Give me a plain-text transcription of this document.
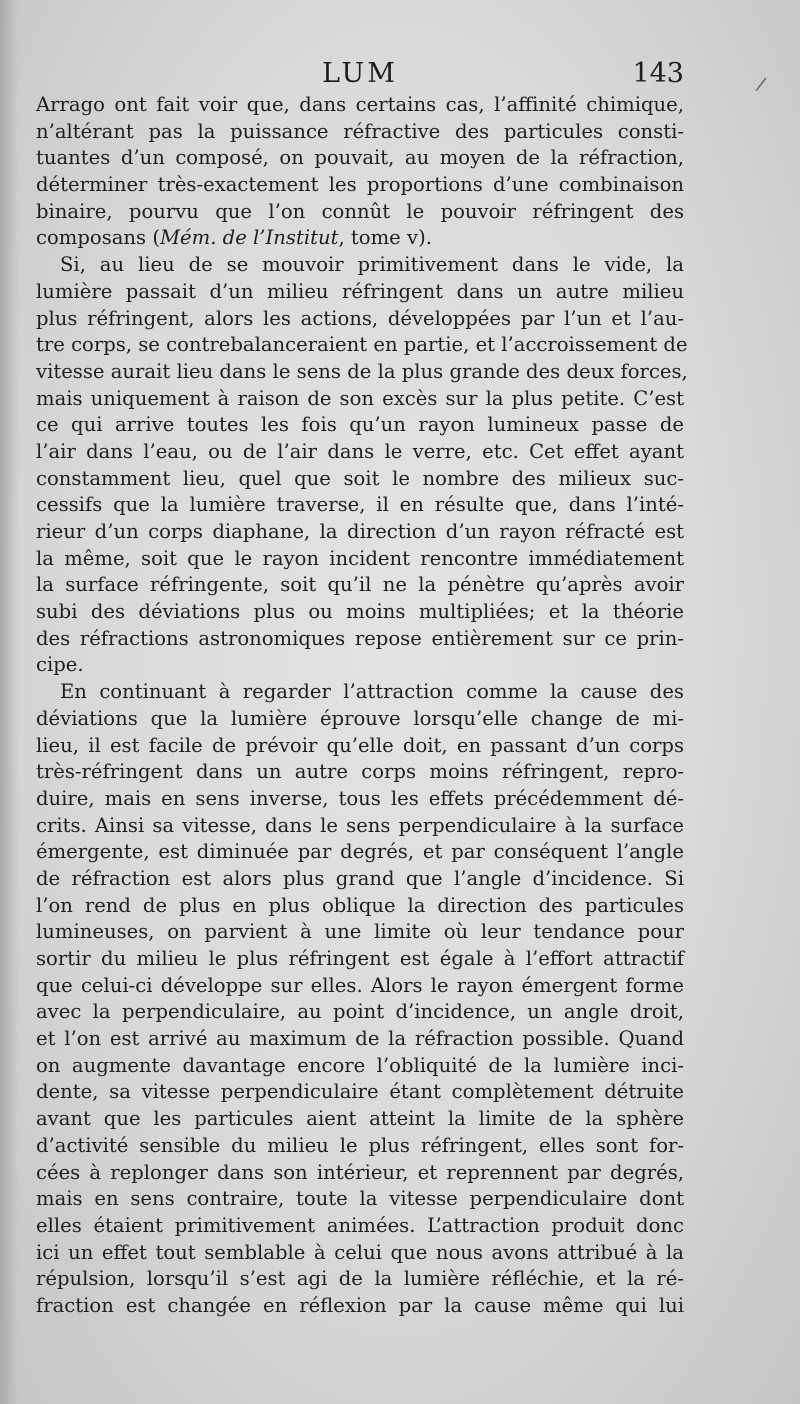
LUM	143	/
Arrago ont fait voir que, dans certains cas, l’affinité chimique,
n’altérant pas la puissance réfractive des particules consti-
tuantes d’un composé, on pouvait, au moyen de la réfraction,
déterminer très-exactement les proportions d’une combinaison
binaire, pourvu que l’on connût le pouvoir réfringent des
composans (Mém. de l’Institut, tome v).
Si, au lieu de se mouvoir primitivement dans le vide, la
lumière passait d’un milieu réfringent dans un autre milieu
plus réfringent, alors les actions, développées par l’un et l’au-
tre corps, se contrebalanceraient en partie, et l’accroissement de
vitesse aurait lieu dans le sens de la plus grande des deux forces,
mais uniquement à raison de son excès sur la plus petite. C’est
ce qui arrive toutes les fois qu’un rayon lumineux passe de
l’air dans l’eau, ou de l’air dans le verre, etc. Cet effet ayant
constamment lieu, quel que soit le nombre des milieux suc-
cessifs que la lumière traverse, il en résulte que, dans l’inté-
rieur d’un corps diaphane, la direction d’un rayon réfracté est
la même, soit que le rayon incident rencontre immédiatement
la surface réfringente, soit qu’il ne la pénètre qu’après avoir
subi des déviations plus ou moins multipliées; et la théorie
des réfractions astronomiques repose entièrement sur ce prin-
cipe.
En continuant à regarder l’attraction comme la cause des
déviations que la lumière éprouve lorsqu’elle change de mi-
lieu, il est facile de prévoir qu’elle doit, en passant d’un corps
très-réfringent dans un autre corps moins réfringent, repro-
duire, mais en sens inverse, tous les effets précédemment dé-
crits. Ainsi sa vitesse, dans le sens perpendiculaire à la surface
émergente, est diminuée par degrés, et par conséquent l’angle
de réfraction est alors plus grand que l’angle d’incidence. Si
l’on rend de plus en plus oblique la direction des particules
lumineuses, on parvient à une limite où leur tendance pour
sortir du milieu le plus réfringent est égale à l’effort attractif
que celui-ci développe sur elles. Alors le rayon émergent forme
avec la perpendiculaire, au point d’incidence, un angle droit,
et l’on est arrivé au maximum de la réfraction possible. Quand
on augmente davantage encore l’obliquité de la lumière inci-
dente, sa vitesse perpendiculaire étant complètement détruite
avant que les particules aient atteint la limite de la sphère
d’activité sensible du milieu le plus réfringent, elles sont for-
cées à replonger dans son intérieur, et reprennent par degrés,
mais en sens contraire, toute la vitesse perpendiculaire dont
elles étaient primitivement animées. L’attraction produit donc
ici un effet tout semblable à celui que nous avons attribué à la
répulsion, lorsqu’il s’est agi de la lumière réfléchie, et la ré-
fraction est changée en réflexion par la cause même qui lui
